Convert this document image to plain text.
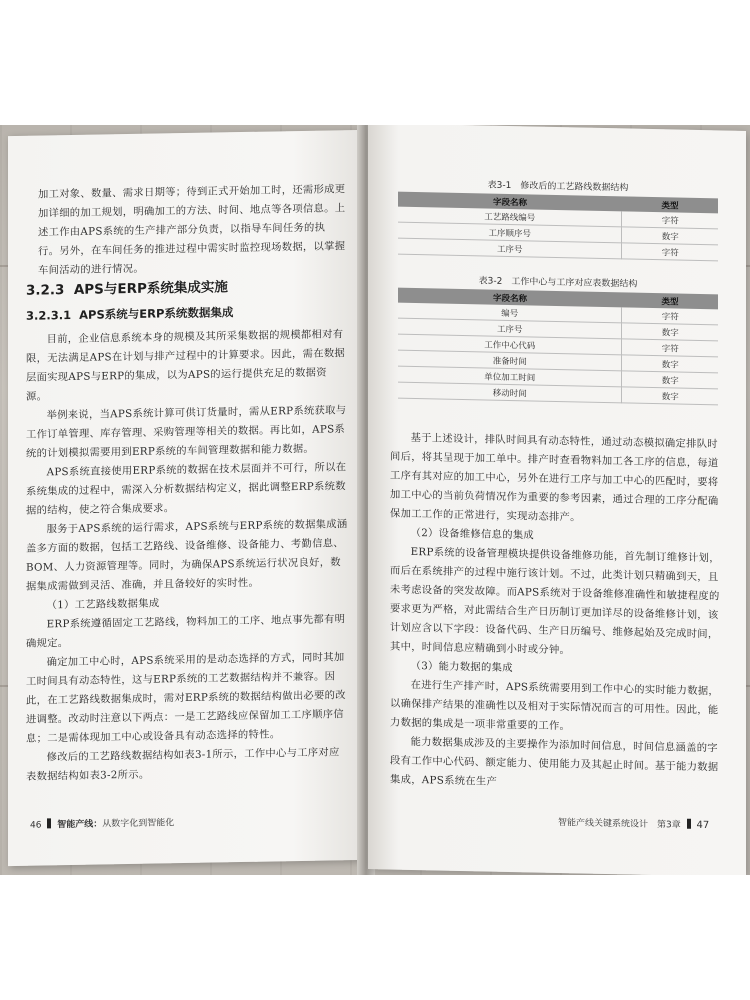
加工对象、数量、需求日期等；待到正式开始加工时，还需形成更加详细的加工规划，明确加工的方法、时间、地点等各项信息。上述工作由APS系统的生产排产部分负责，以指导车间任务的执行。另外，在车间任务的推进过程中需实时监控现场数据，以掌握车间活动的进行情况。

3.2.3 APS与ERP系统集成实施
3.2.3.1 APS系统与ERP系统数据集成

目前，企业信息系统本身的规模及其所采集数据的规模都相对有限，无法满足APS在计划与排产过程中的计算要求。因此，需在数据层面实现APS与ERP的集成，以为APS的运行提供充足的数据资源。

举例来说，当APS系统计算可供订货量时，需从ERP系统获取与工作订单管理、库存管理、采购管理等相关的数据。再比如，APS系统的计划模拟需要用到ERP系统的车间管理数据和能力数据。

APS系统直接使用ERP系统的数据在技术层面并不可行，所以在系统集成的过程中，需深入分析数据结构定义，据此调整ERP系统数据的结构，使之符合集成要求。

服务于APS系统的运行需求，APS系统与ERP系统的数据集成涵盖多方面的数据，包括工艺路线、设备维修、设备能力、考勤信息、BOM、人力资源管理等。同时，为确保APS系统运行状况良好，数据集成需做到灵活、准确，并且备较好的实时性。

（1）工艺路线数据集成

ERP系统遵循固定工艺路线，物料加工的工序、地点事先都有明确规定。

确定加工中心时，APS系统采用的是动态选择的方式，同时其加工时间具有动态特性，这与ERP系统的工艺数据结构并不兼容。因此，在工艺路线数据集成时，需对ERP系统的数据结构做出必要的改进调整。改动时注意以下两点：一是工艺路线应保留加工工序顺序信息；二是需体现加工中心或设备具有动态选择的特性。

修改后的工艺路线数据结构如表3-1所示，工作中心与工序对应表数据结构如表3-2所示。

46 智能产线：从数字化到智能化
表3-1　修改后的工艺路线数据结构
字段名称	类型
工艺路线编号	字符
工序顺序号	数字
工序号	字符
表3-2　工作中心与工序对应表数据结构
字段名称	类型
编号	字符
工序号	数字
工作中心代码	字符
准备时间	数字
单位加工时间	数字
移动时间	数字

基于上述设计，排队时间具有动态特性，通过动态模拟确定排队时间后，将其呈现于加工单中。排产时查看物料加工各工序的信息，每道工序有其对应的加工中心，另外在进行工序与加工中心的匹配时，要将加工中心的当前负荷情况作为重要的参考因素，通过合理的工序分配确保加工工作的正常进行，实现动态排产。

（2）设备维修信息的集成

ERP系统的设备管理模块提供设备维修功能，首先制订维修计划，而后在系统排产的过程中施行该计划。不过，此类计划只精确到天，且未考虑设备的突发故障。而APS系统对于设备维修准确性和敏捷程度的要求更为严格，对此需结合生产日历制订更加详尽的设备维修计划，该计划应含以下字段：设备代码、生产日历编号、维修起始及完成时间，其中，时间信息应精确到小时或分钟。

（3）能力数据的集成

在进行生产排产时，APS系统需要用到工作中心的实时能力数据，以确保排产结果的准确性以及相对于实际情况而言的可用性。因此，能力数据的集成是一项非常重要的工作。

能力数据集成涉及的主要操作为添加时间信息，时间信息涵盖的字段有工作中心代码、额定能力、使用能力及其起止时间。基于能力数据集成，APS系统在生产

智能产线关键系统设计　第3章 47
